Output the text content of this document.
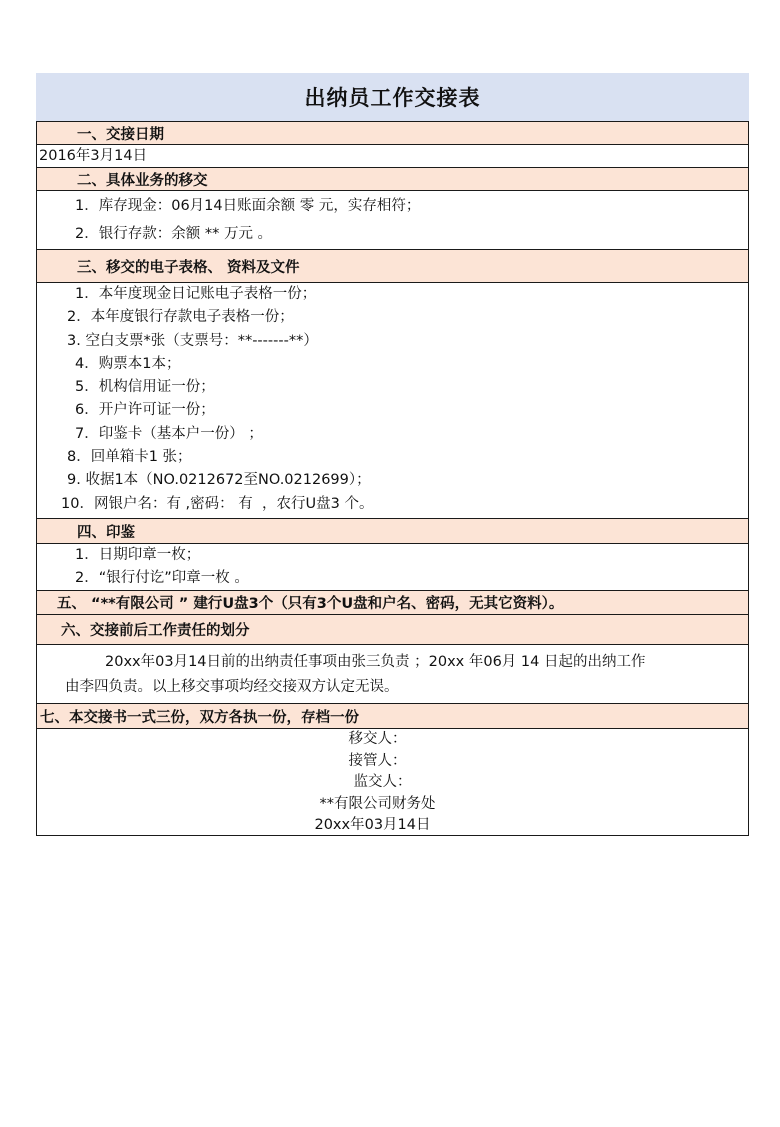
出纳员工作交接表
一、交接日期
2016年3月14日
二、具体业务的移交
1．库存现金：06月14日账面余额 零 元，实存相符；
2．银行存款：余额 ** 万元 。
三、移交的电子表格、 资料及文件
1．本年度现金日记账电子表格一份；
2．本年度银行存款电子表格一份；
3. 空白支票*张（支票号：**-------**）
4．购票本1本；
5．机构信用证一份；
6．开户许可证一份；
7．印鉴卡（基本户一份） ；
8．回单箱卡1 张；
9. 收据1本（NO.0212672至NO.0212699）；
10．网银户名：有 ,密码： 有  ，农行U盘3 个。
四、印鉴
1．日期印章一枚；
2．“银行付讫”印章一枚 。
五、 “**有限公司 ” 建行U盘3个（只有3个U盘和户名、密码，无其它资料）。
六、交接前后工作责任的划分
20xx年03月14日前的出纳责任事项由张三负责 ；20xx 年06月 14 日起的出纳工作
由李四负责。以上移交事项均经交接双方认定无误。
七、本交接书一式三份，双方各执一份，存档一份
移交人：
接管人：
监交人：
**有限公司财务处
20xx年03月14日
